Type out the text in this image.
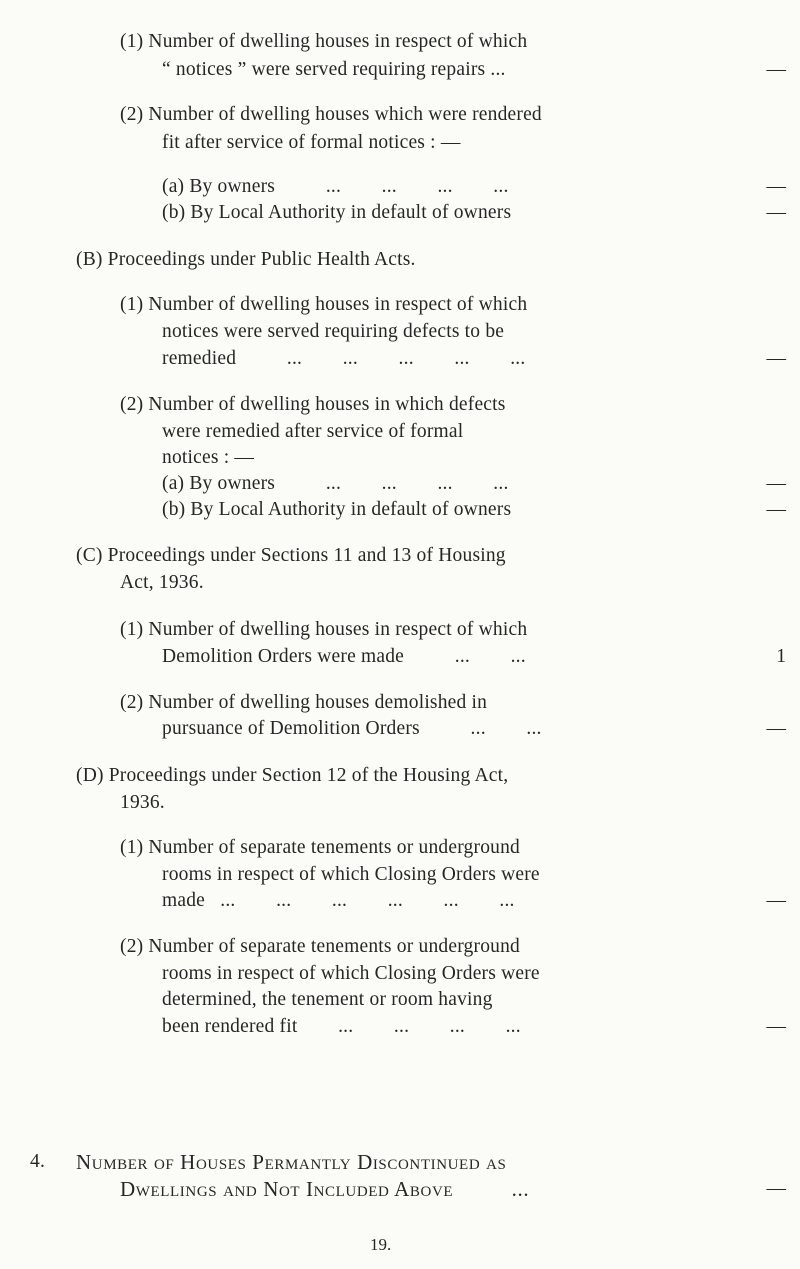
(1) Number of dwelling houses in respect of which
“ notices ” were served requiring repairs ...	—
(2) Number of dwelling houses which were rendered
fit after service of formal notices : —
(a) By owners          ...        ...        ...        ...	—
(b) By Local Authority in default of owners	—
(B) Proceedings under Public Health Acts.
(1) Number of dwelling houses in respect of which
notices were served requiring defects to be
remedied          ...        ...        ...        ...        ...	—
(2) Number of dwelling houses in which defects
were remedied after service of formal
notices : —
(a) By owners          ...        ...        ...        ...	—
(b) By Local Authority in default of owners	—
(C) Proceedings under Sections 11 and 13 of Housing
Act, 1936.
(1) Number of dwelling houses in respect of which
Demolition Orders were made          ...        ...	1
(2) Number of dwelling houses demolished in
pursuance of Demolition Orders          ...        ...	—
(D) Proceedings under Section 12 of the Housing Act,
1936.
(1) Number of separate tenements or underground
rooms in respect of which Closing Orders were
made   ...        ...        ...        ...        ...        ...	—
(2) Number of separate tenements or underground
rooms in respect of which Closing Orders were
determined, the tenement or room having
been rendered fit        ...        ...        ...        ...	—
4. Number of Houses Permantly Discontinued as
Dwellings and Not Included Above          ...	—
19.
